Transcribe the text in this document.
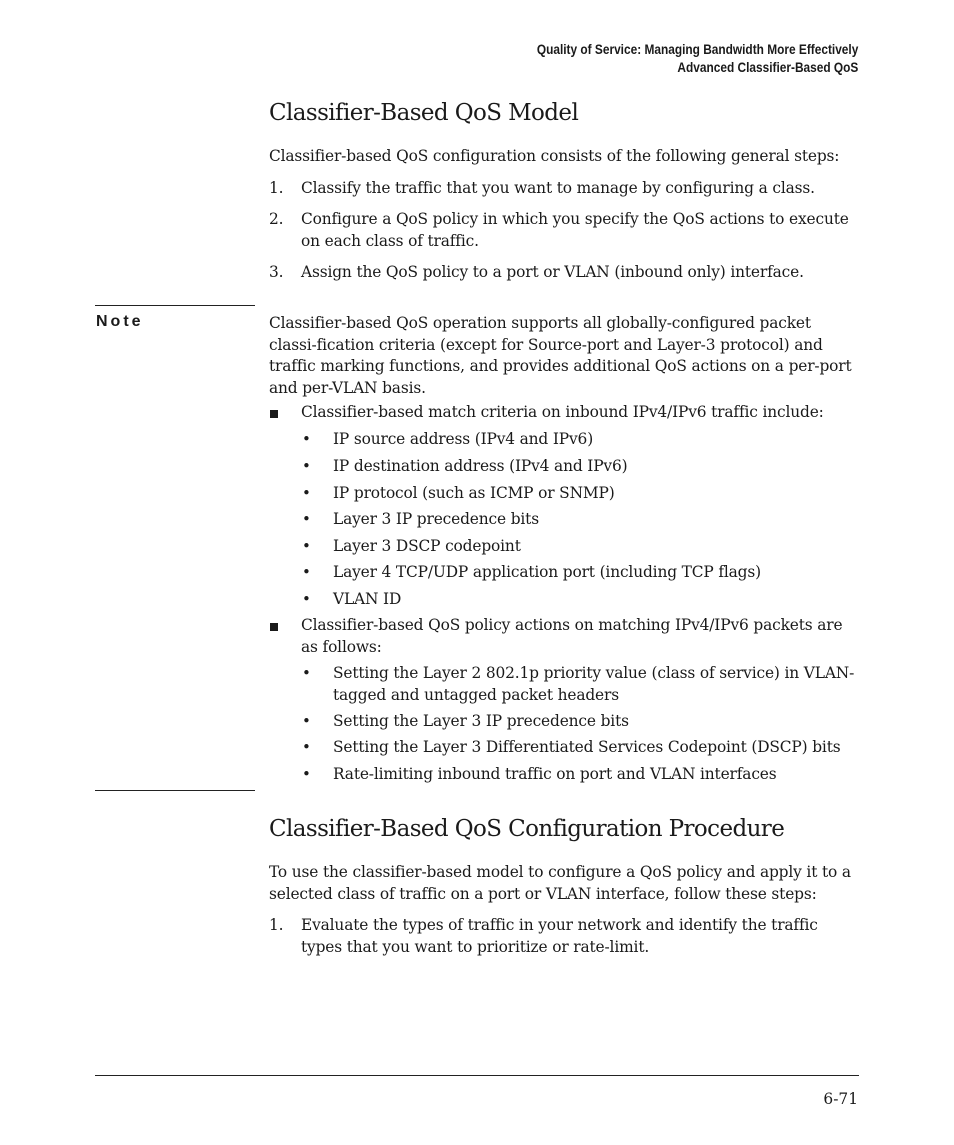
Quality of Service: Managing Bandwidth More Effectively
Advanced Classifier-Based QoS
Classifier-Based QoS Model
Classifier-based QoS configuration consists of the following general steps:
1. Classify the traffic that you want to manage by configuring a class.
2. Configure a QoS policy in which you specify the QoS actions to execute on each class of traffic.
3. Assign the QoS policy to a port or VLAN (inbound only) interface.
Note	Classifier-based QoS operation supports all globally-configured packet classi-fication criteria (except for Source-port and Layer-3 protocol) and traffic marking functions, and provides additional QoS actions on a per-port and per-VLAN basis.
Classifier-based match criteria on inbound IPv4/IPv6 traffic include:
• IP source address (IPv4 and IPv6)
• IP destination address (IPv4 and IPv6)
• IP protocol (such as ICMP or SNMP)
• Layer 3 IP precedence bits
• Layer 3 DSCP codepoint
• Layer 4 TCP/UDP application port (including TCP flags)
• VLAN ID
Classifier-based QoS policy actions on matching IPv4/IPv6 packets are as follows:
• Setting the Layer 2 802.1p priority value (class of service) in VLAN-tagged and untagged packet headers
• Setting the Layer 3 IP precedence bits
• Setting the Layer 3 Differentiated Services Codepoint (DSCP) bits
• Rate-limiting inbound traffic on port and VLAN interfaces
Classifier-Based QoS Configuration Procedure
To use the classifier-based model to configure a QoS policy and apply it to a selected class of traffic on a port or VLAN interface, follow these steps:
1. Evaluate the types of traffic in your network and identify the traffic types that you want to prioritize or rate-limit.
6-71
